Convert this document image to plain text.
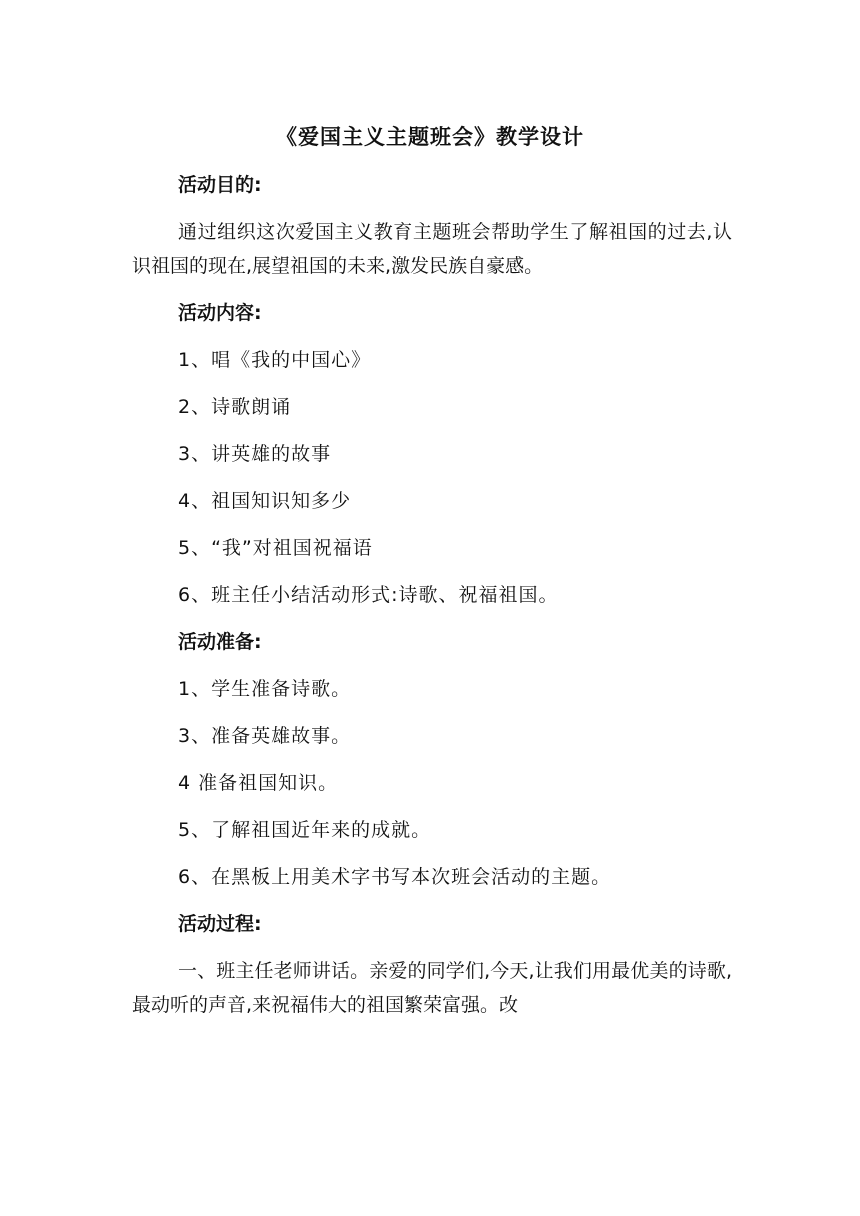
《爱国主义主题班会》教学设计
活动目的:
通过组织这次爱国主义教育主题班会帮助学生了解祖国的过去,认识祖国的现在,展望祖国的未来,激发民族自豪感。
活动内容:
1、唱《我的中国心》
2、诗歌朗诵
3、讲英雄的故事
4、祖国知识知多少
5、“我”对祖国祝福语
6、班主任小结活动形式:诗歌、祝福祖国。
活动准备:
1、学生准备诗歌。
3、准备英雄故事。
4 准备祖国知识。
5、了解祖国近年来的成就。
6、在黑板上用美术字书写本次班会活动的主题。
活动过程:
一、班主任老师讲话。亲爱的同学们,今天,让我们用最优美的诗歌,最动听的声音,来祝福伟大的祖国繁荣富强。改
